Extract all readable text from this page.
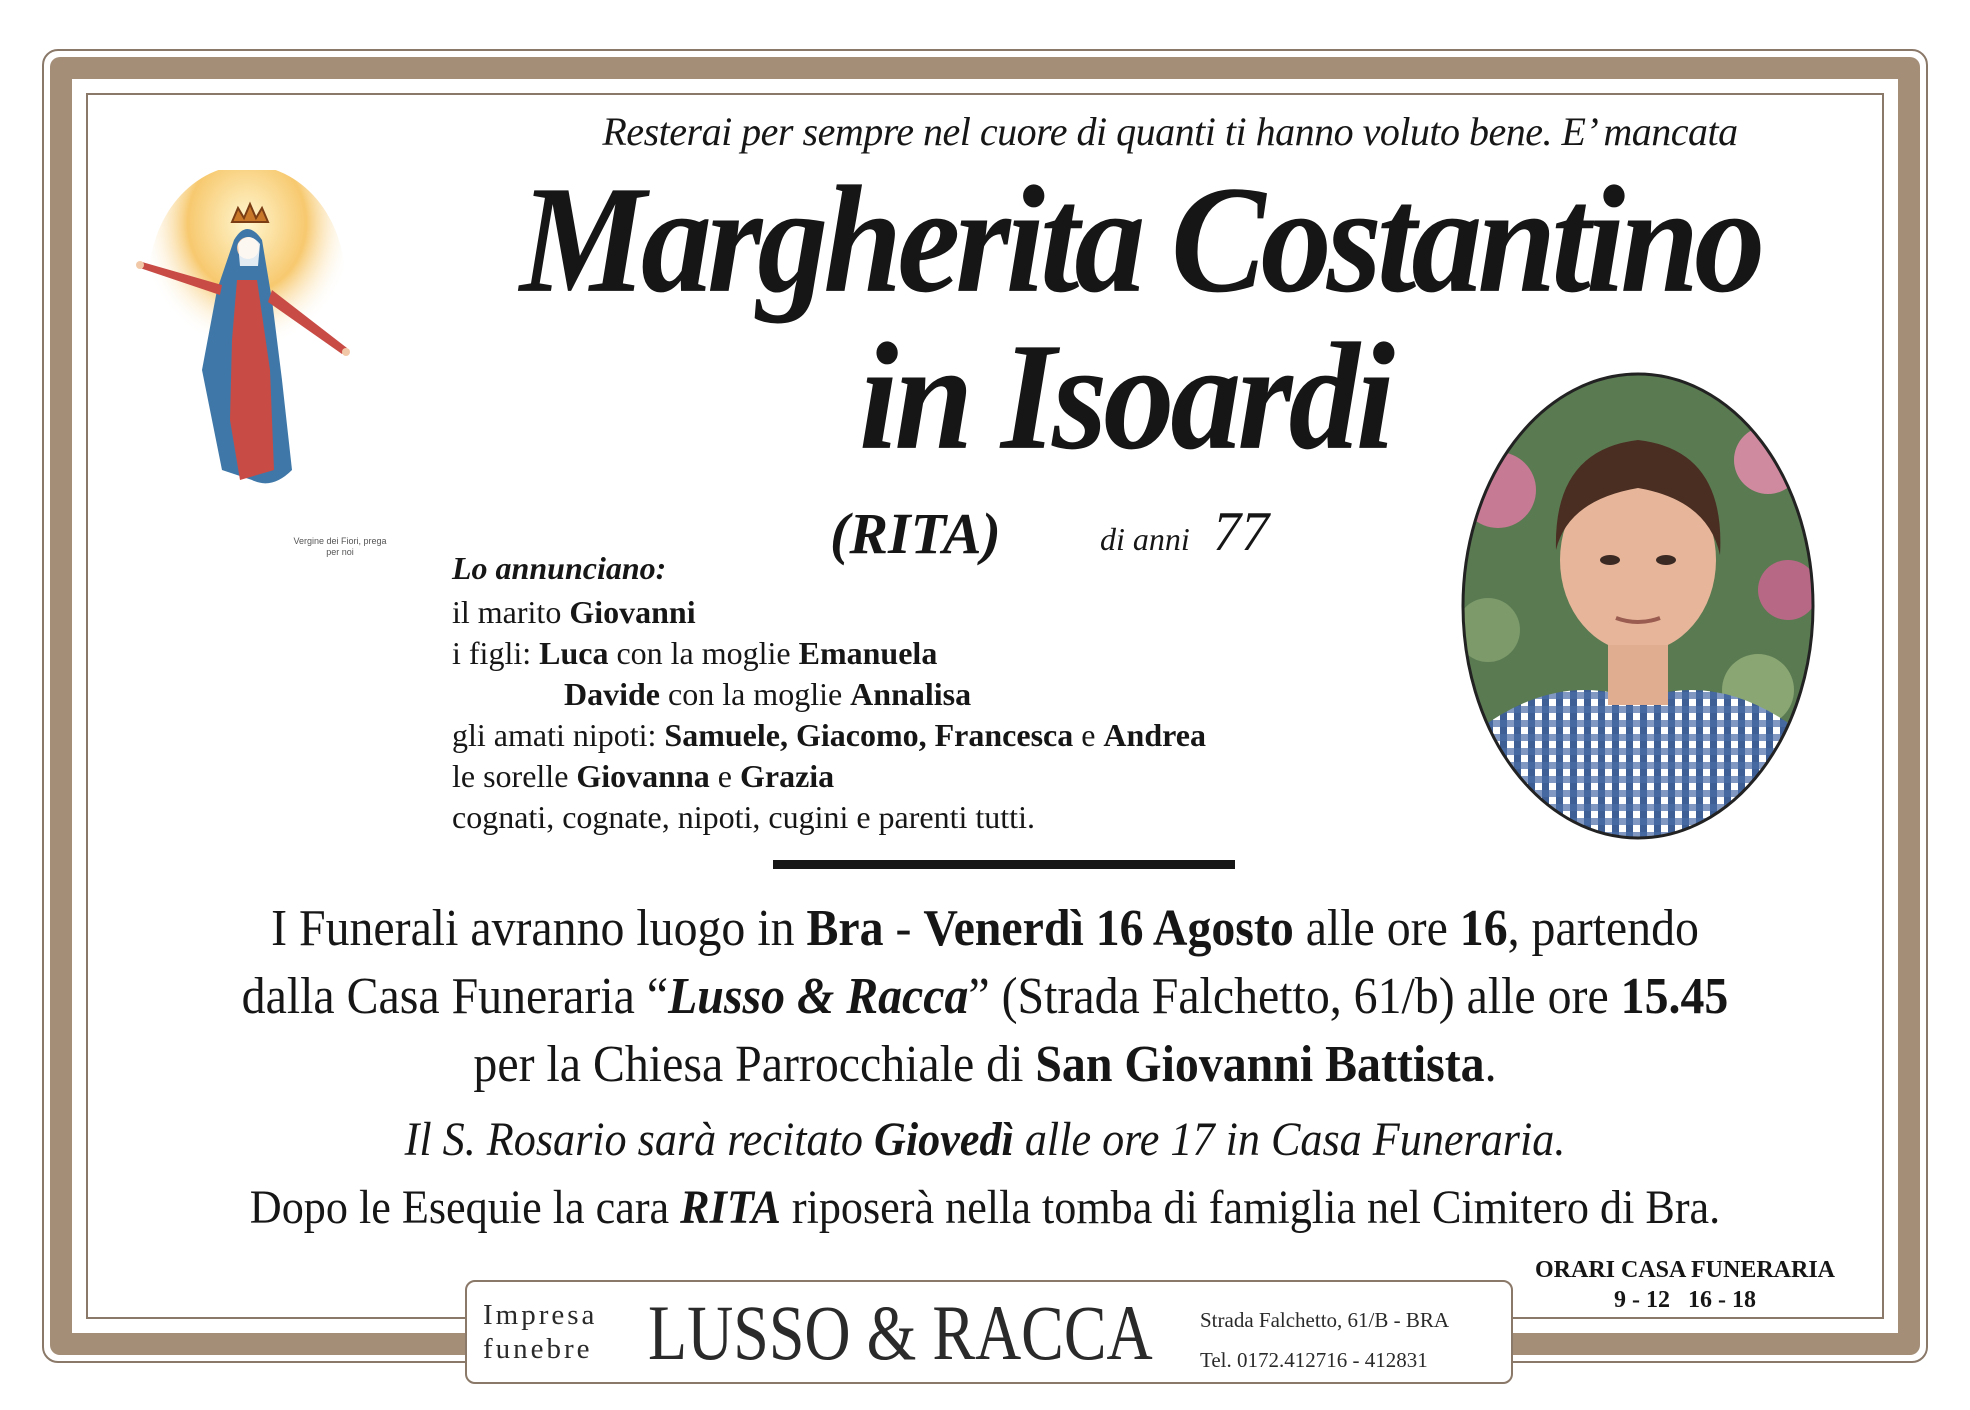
Vergine dei Fiori, prega per noi
Resterai per sempre nel cuore di quanti ti hanno voluto bene. E’ mancata
Margherita Costantino
in Isoardi
(RITA)	di anni 77
Lo annunciano:
il marito Giovanni
i figli: Luca con la moglie Emanuela
Davide con la moglie Annalisa
gli amati nipoti: Samuele, Giacomo, Francesca e Andrea
le sorelle Giovanna e Grazia
cognati, cognate, nipoti, cugini e parenti tutti.
I Funerali avranno luogo in Bra - Venerdì 16 Agosto alle ore 16, partendo
dalla Casa Funeraria “Lusso & Racca” (Strada Falchetto, 61/b) alle ore 15.45
per la Chiesa Parrocchiale di San Giovanni Battista.
Il S. Rosario sarà recitato Giovedì alle ore 17 in Casa Funeraria.
Dopo le Esequie la cara RITA riposerà nella tomba di famiglia nel Cimitero di Bra.
ORARI CASA FUNERARIA
9 - 12   16 - 18
Impresa
funebre LUSSO & RACCA Strada Falchetto, 61/B - BRA
Tel. 0172.412716 - 412831
